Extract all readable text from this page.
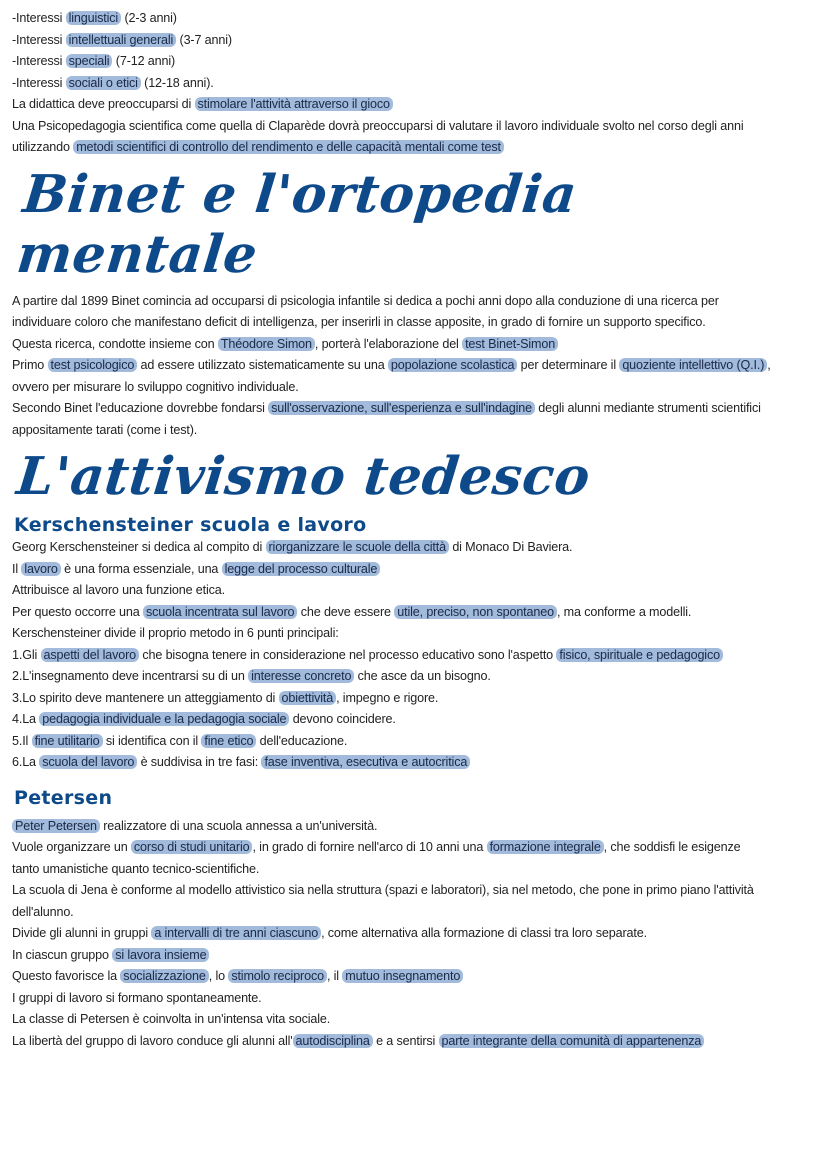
-Interessi linguistici (2-3 anni)
-Interessi intellettuali generali (3-7 anni)
-Interessi speciali (7-12 anni)
-Interessi sociali o etici (12-18 anni).
La didattica deve preoccuparsi di stimolare l'attività attraverso il gioco
Una Psicopedagogia scientifica come quella di Claparède dovrà preoccuparsi di valutare il lavoro individuale svolto nel corso degli anni
utilizzando metodi scientifici di controllo del rendimento e delle capacità mentali come test
Binet e l'ortopedia mentale
A partire dal 1899 Binet comincia ad occuparsi di psicologia infantile si dedica a pochi anni dopo alla conduzione di una ricerca per
individuare coloro che manifestano deficit di intelligenza, per inserirli in classe apposite, in grado di fornire un supporto specifico.
Questa ricerca, condotte insieme con Théodore Simon , porterà l'elaborazione del test Binet-Simon
Primo test psicologico ad essere utilizzato sistematicamente su una popolazione scolastica per determinare il quoziente intellettivo (Q.I.) ,
ovvero per misurare lo sviluppo cognitivo individuale.
Secondo Binet l'educazione dovrebbe fondarsi sull'osservazione, sull'esperienza e sull'indagine degli alunni mediante strumenti scientifici
appositamente tarati (come i test).
L'attivismo tedesco
Kerschensteiner scuola e lavoro
Georg Kerschensteiner si dedica al compito di riorganizzare le scuole della città di Monaco Di Baviera.
Il lavoro è una forma essenziale, una legge del processo culturale
Attribuisce al lavoro una funzione etica.
Per questo occorre una scuola incentrata sul lavoro che deve essere utile, preciso, non spontaneo , ma conforme a modelli.
Kerschensteiner divide il proprio metodo in 6 punti principali:
1.Gli aspetti del lavoro che bisogna tenere in considerazione nel processo educativo sono l'aspetto fisico, spirituale e pedagogico
2.L'insegnamento deve incentrarsi su di un interesse concreto che asce da un bisogno.
3.Lo spirito deve mantenere un atteggiamento di obiettività , impegno e rigore.
4.La pedagogia individuale e la pedagogia sociale devono coincidere.
5.Il fine utilitario si identifica con il fine etico dell'educazione.
6.La scuola del lavoro è suddivisa in tre fasi: fase inventiva, esecutiva e autocritica
Petersen
Peter Petersen realizzatore di una scuola annessa a un'università.
Vuole organizzare un corso di studi unitario , in grado di fornire nell'arco di 10 anni una formazione integrale , che soddisfi le esigenze
tanto umanistiche quanto tecnico-scientifiche.
La scuola di Jena è conforme al modello attivistico sia nella struttura (spazi e laboratori), sia nel metodo, che pone in primo piano l'attività
dell'alunno.
Divide gli alunni in gruppi a intervalli di tre anni ciascuno , come alternativa alla formazione di classi tra loro separate.
In ciascun gruppo si lavora insieme
Questo favorisce la socializzazione , lo stimolo reciproco , il mutuo insegnamento
I gruppi di lavoro si formano spontaneamente.
La classe di Petersen è coinvolta in un'intensa vita sociale.
La libertà del gruppo di lavoro conduce gli alunni all' autodisciplina e a sentirsi parte integrante della comunità di appartenenza
